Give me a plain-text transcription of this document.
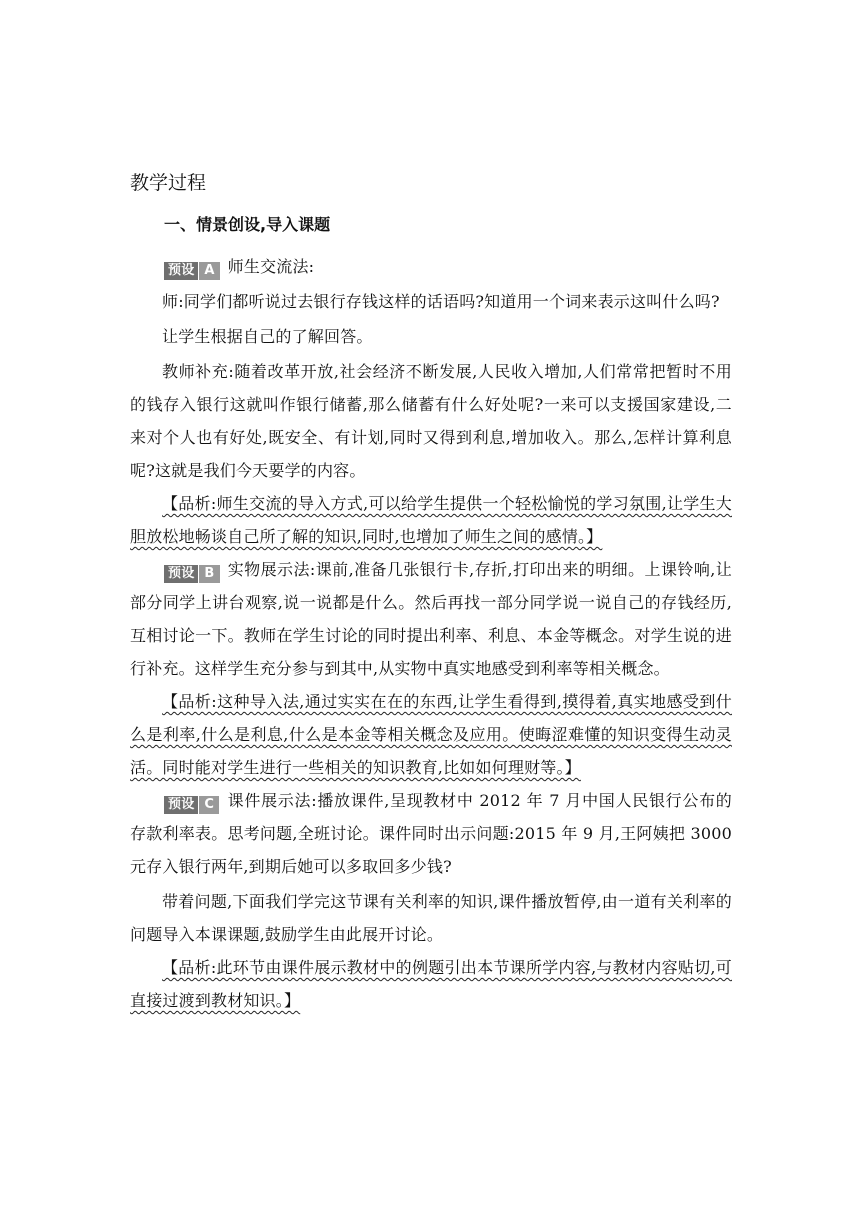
教学过程
一、情景创设,导入课题

预设 A 师生交流法:

师:同学们都听说过去银行存钱这样的话语吗?知道用一个词来表示这叫什么吗?

让学生根据自己的了解回答。

教师补充:随着改革开放,社会经济不断发展,人民收入增加,人们常常把暂时不用的钱存入银行这就叫作银行储蓄,那么储蓄有什么好处呢?一来可以支援国家建设,二来对个人也有好处,既安全、有计划,同时又得到利息,增加收入。那么,怎样计算利息呢?这就是我们今天要学的内容。

【品析:师生交流的导入方式,可以给学生提供一个轻松愉悦的学习氛围,让学生大胆放松地畅谈自己所了解的知识,同时,也增加了师生之间的感情。】

预设 B 实物展示法:课前,准备几张银行卡,存折,打印出来的明细。上课铃响,让部分同学上讲台观察,说一说都是什么。然后再找一部分同学说一说自己的存钱经历,互相讨论一下。教师在学生讨论的同时提出利率、利息、本金等概念。对学生说的进行补充。这样学生充分参与到其中,从实物中真实地感受到利率等相关概念。

【品析:这种导入法,通过实实在在的东西,让学生看得到,摸得着,真实地感受到什么是利率,什么是利息,什么是本金等相关概念及应用。使晦涩难懂的知识变得生动灵活。同时能对学生进行一些相关的知识教育,比如如何理财等。】

预设 C 课件展示法:播放课件,呈现教材中 2012 年 7 月中国人民银行公布的存款利率表。思考问题,全班讨论。课件同时出示问题:2015 年 9 月,王阿姨把 3000 元存入银行两年,到期后她可以多取回多少钱?

带着问题,下面我们学完这节课有关利率的知识,课件播放暂停,由一道有关利率的问题导入本课课题,鼓励学生由此展开讨论。

【品析:此环节由课件展示教材中的例题引出本节课所学内容,与教材内容贴切,可直接过渡到教材知识。】
